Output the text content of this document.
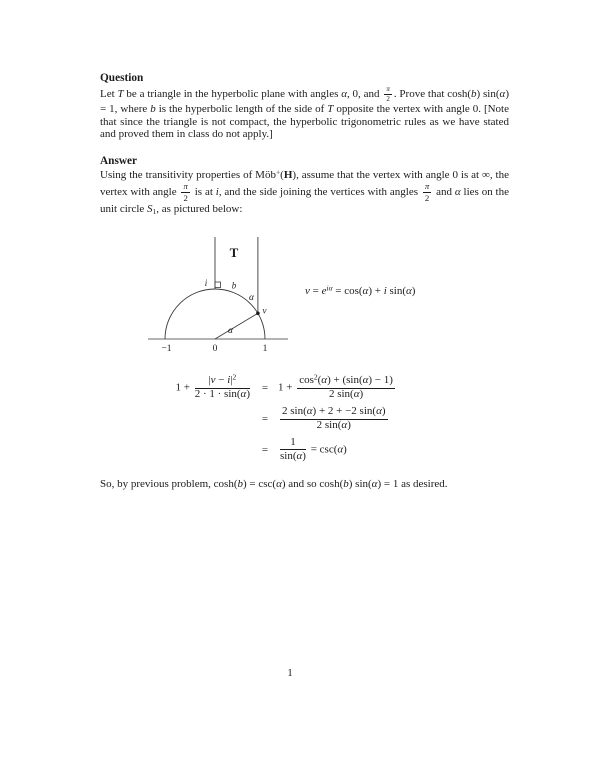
Question
Let T be a triangle in the hyperbolic plane with angles α, 0, and $\frac{\pi}{2}$ . Prove that cosh(b) sin(α) = 1, where b is the hyperbolic length of the side of T opposite the vertex with angle 0. [Note that since the triangle is not compact, the hyperbolic trigonometric rules as we have stated and proved them in class do not apply.]
Answer
Using the transitivity properties of Möb+(H), assume that the vertex with angle 0 is at ∞, the vertex with angle $\frac{\pi}{2}$ is at i, and the side joining the vertices with angles $\frac{\pi}{2}$ and α lies on the unit circle $S_1$, as pictured below:
T
i	b
α
v
α
−1	0	1
$v = e^{i\alpha} = \cos(\alpha) + i$ sin(α)
$1 + \frac{|v - i|^2}{2 \cdot 1 \cdot \sin(\alpha)}$	= $1 + \frac{\cos^2(\alpha) + (\sin(\alpha) - 1)}{2 \sin(\alpha)}$
=	$\frac{2 \sin(\alpha) + 2 + -2 \sin(\alpha)}{2 \sin(\alpha)}$
=	$\frac{1}{\sin(\alpha)} = \csc(\alpha)$
So, by previous problem, cosh(b) = csc(α) and so cosh(b) sin(α) = 1 as desired.
1
